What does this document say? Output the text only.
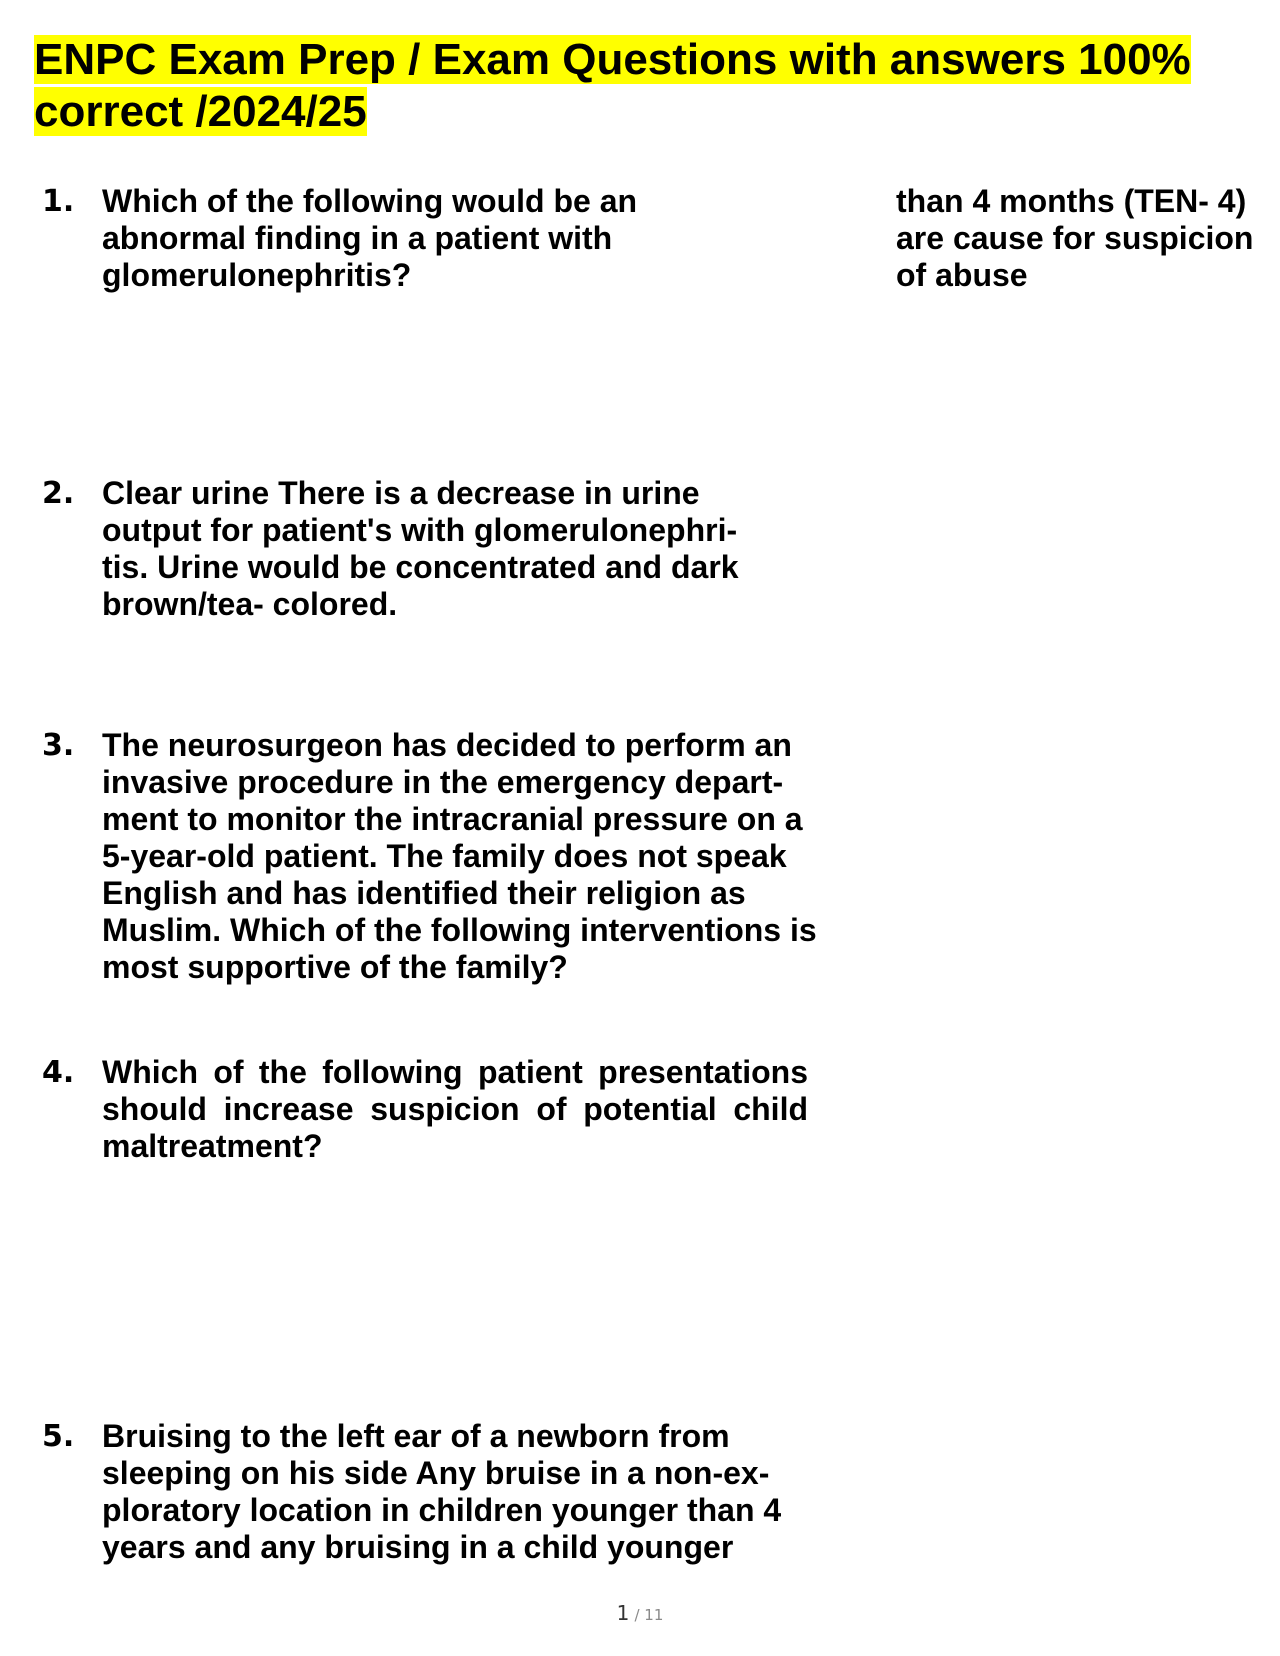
ENPC Exam Prep / Exam Questions with answers 100% correct /2024/25
1. Which of the following would be an abnormal finding in a patient with glomerulonephritis?
than 4 months (TEN- 4) are cause for suspicion of abuse
2. Clear urine There is a decrease in urine output for patient's with glomerulonephri- tis. Urine would be concentrated and dark brown/tea- colored.
3. The neurosurgeon has decided to perform an invasive procedure in the emergency depart- ment to monitor the intracranial pressure on a 5-year-old patient. The family does not speak English and has identified their religion as Muslim. Which of the following interventions is most supportive of the family?
4. Which of the following patient presentations should increase suspicion of potential child maltreatment?
5. Bruising to the left ear of a newborn from sleeping on his side Any bruise in a non-ex- ploratory location in children younger than 4 years and any bruising in a child younger
1 / 11
